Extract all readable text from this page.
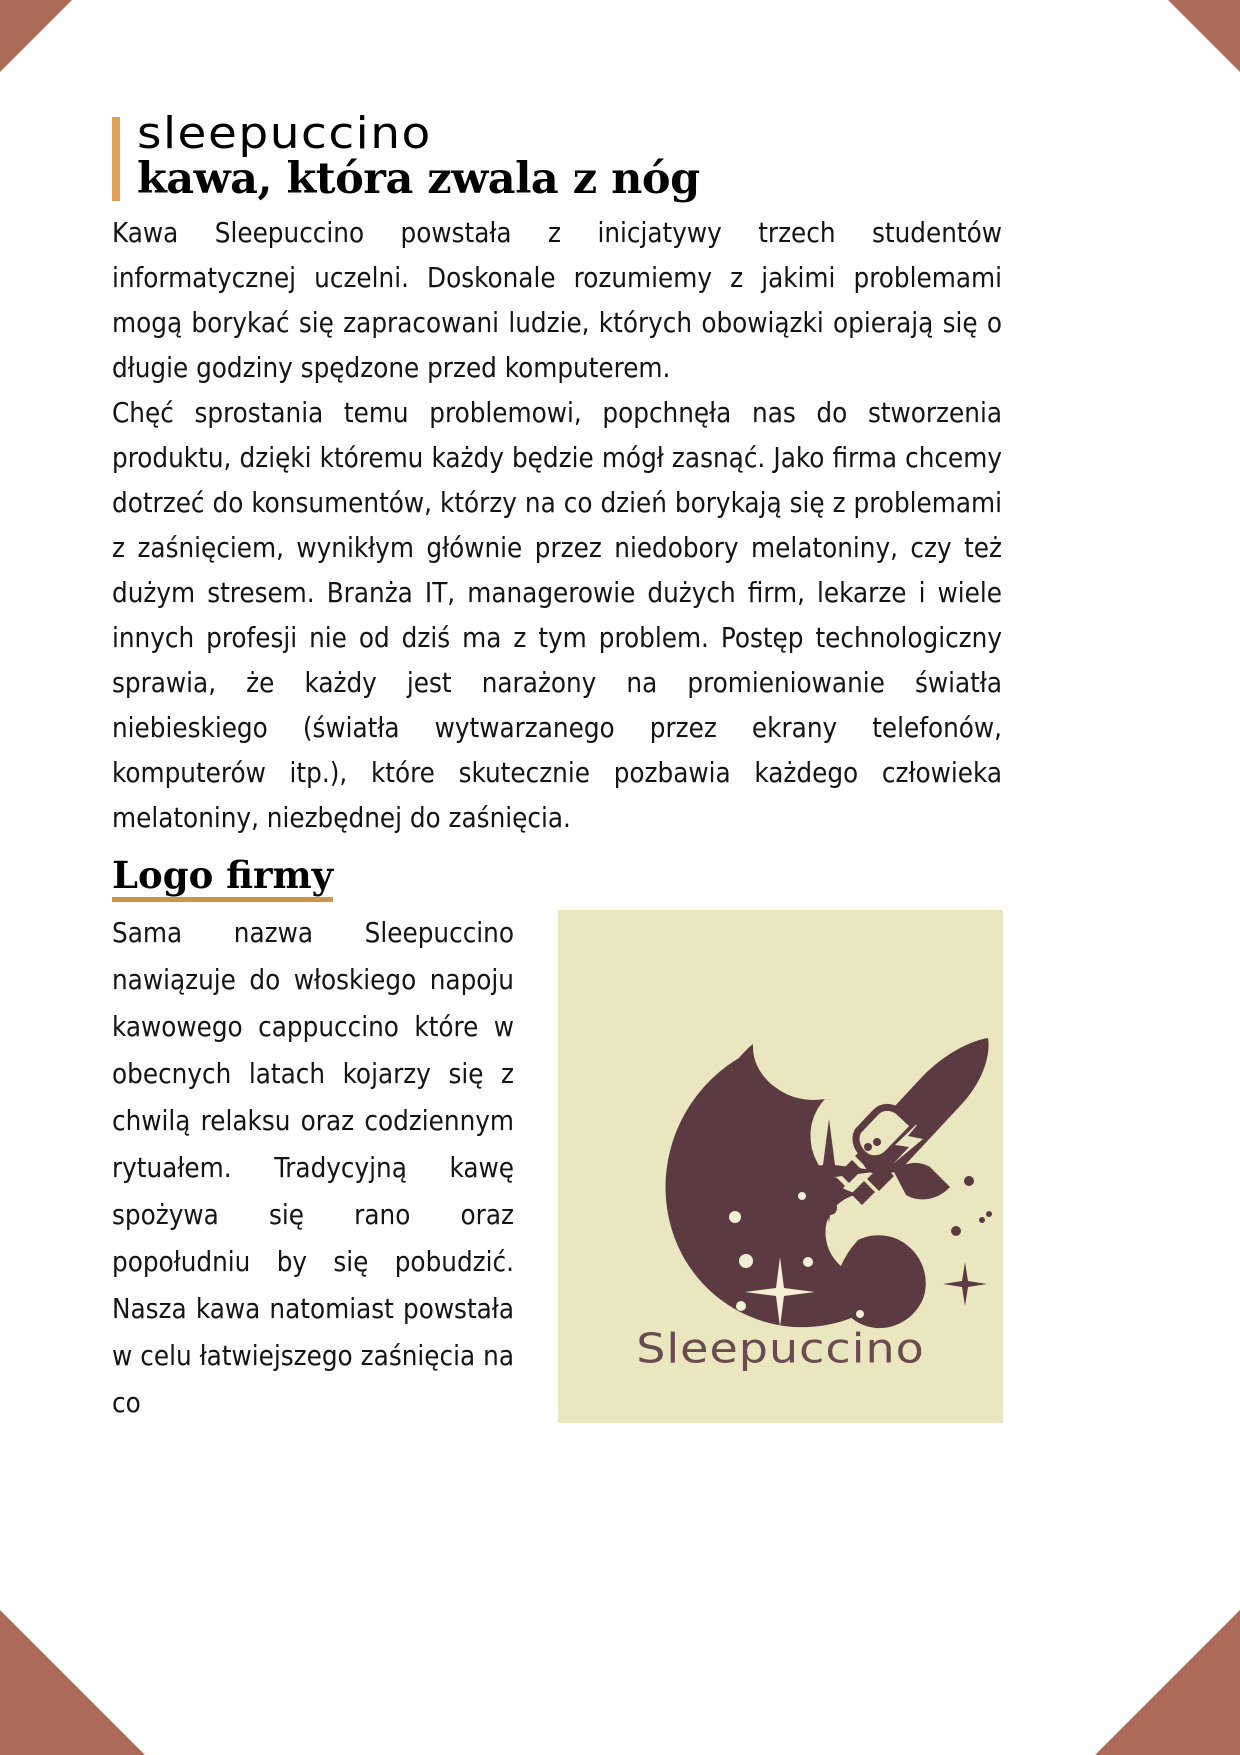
sleepuccino
kawa, która zwala z nóg

Kawa Sleepuccino powstała z inicjatywy trzech studentów informatycznej uczelni. Doskonale rozumiemy z jakimi problemami mogą borykać się zapracowani ludzie, których obowiązki opierają się o długie godziny spędzone przed komputerem.

Chęć sprostania temu problemowi, popchnęła nas do stworzenia produktu, dzięki któremu każdy będzie mógł zasnąć. Jako firma chcemy dotrzeć do konsumentów, którzy na co dzień borykają się z problemami z zaśnięciem, wynikłym głównie przez niedobory melatoniny, czy też dużym stresem. Branża IT, managerowie dużych firm, lekarze i wiele innych profesji nie od dziś ma z tym problem. Postęp technologiczny sprawia, że każdy jest narażony na promieniowanie światła niebieskiego (światła wytwarzanego przez ekrany telefonów, komputerów itp.), które skutecznie pozbawia każdego człowieka melatoniny, niezbędnej do zaśnięcia.

Logo firmy

Sama nazwa Sleepuccino nawiązuje do włoskiego napoju kawowego cappuccino które w obecnych latach kojarzy się z chwilą relaksu oraz codziennym rytuałem. Tradycyjną kawę spożywa się rano oraz popołudniu by się pobudzić. Nasza kawa natomiast powstała w celu łatwiejszego zaśnięcia na co

Sleepuccino
